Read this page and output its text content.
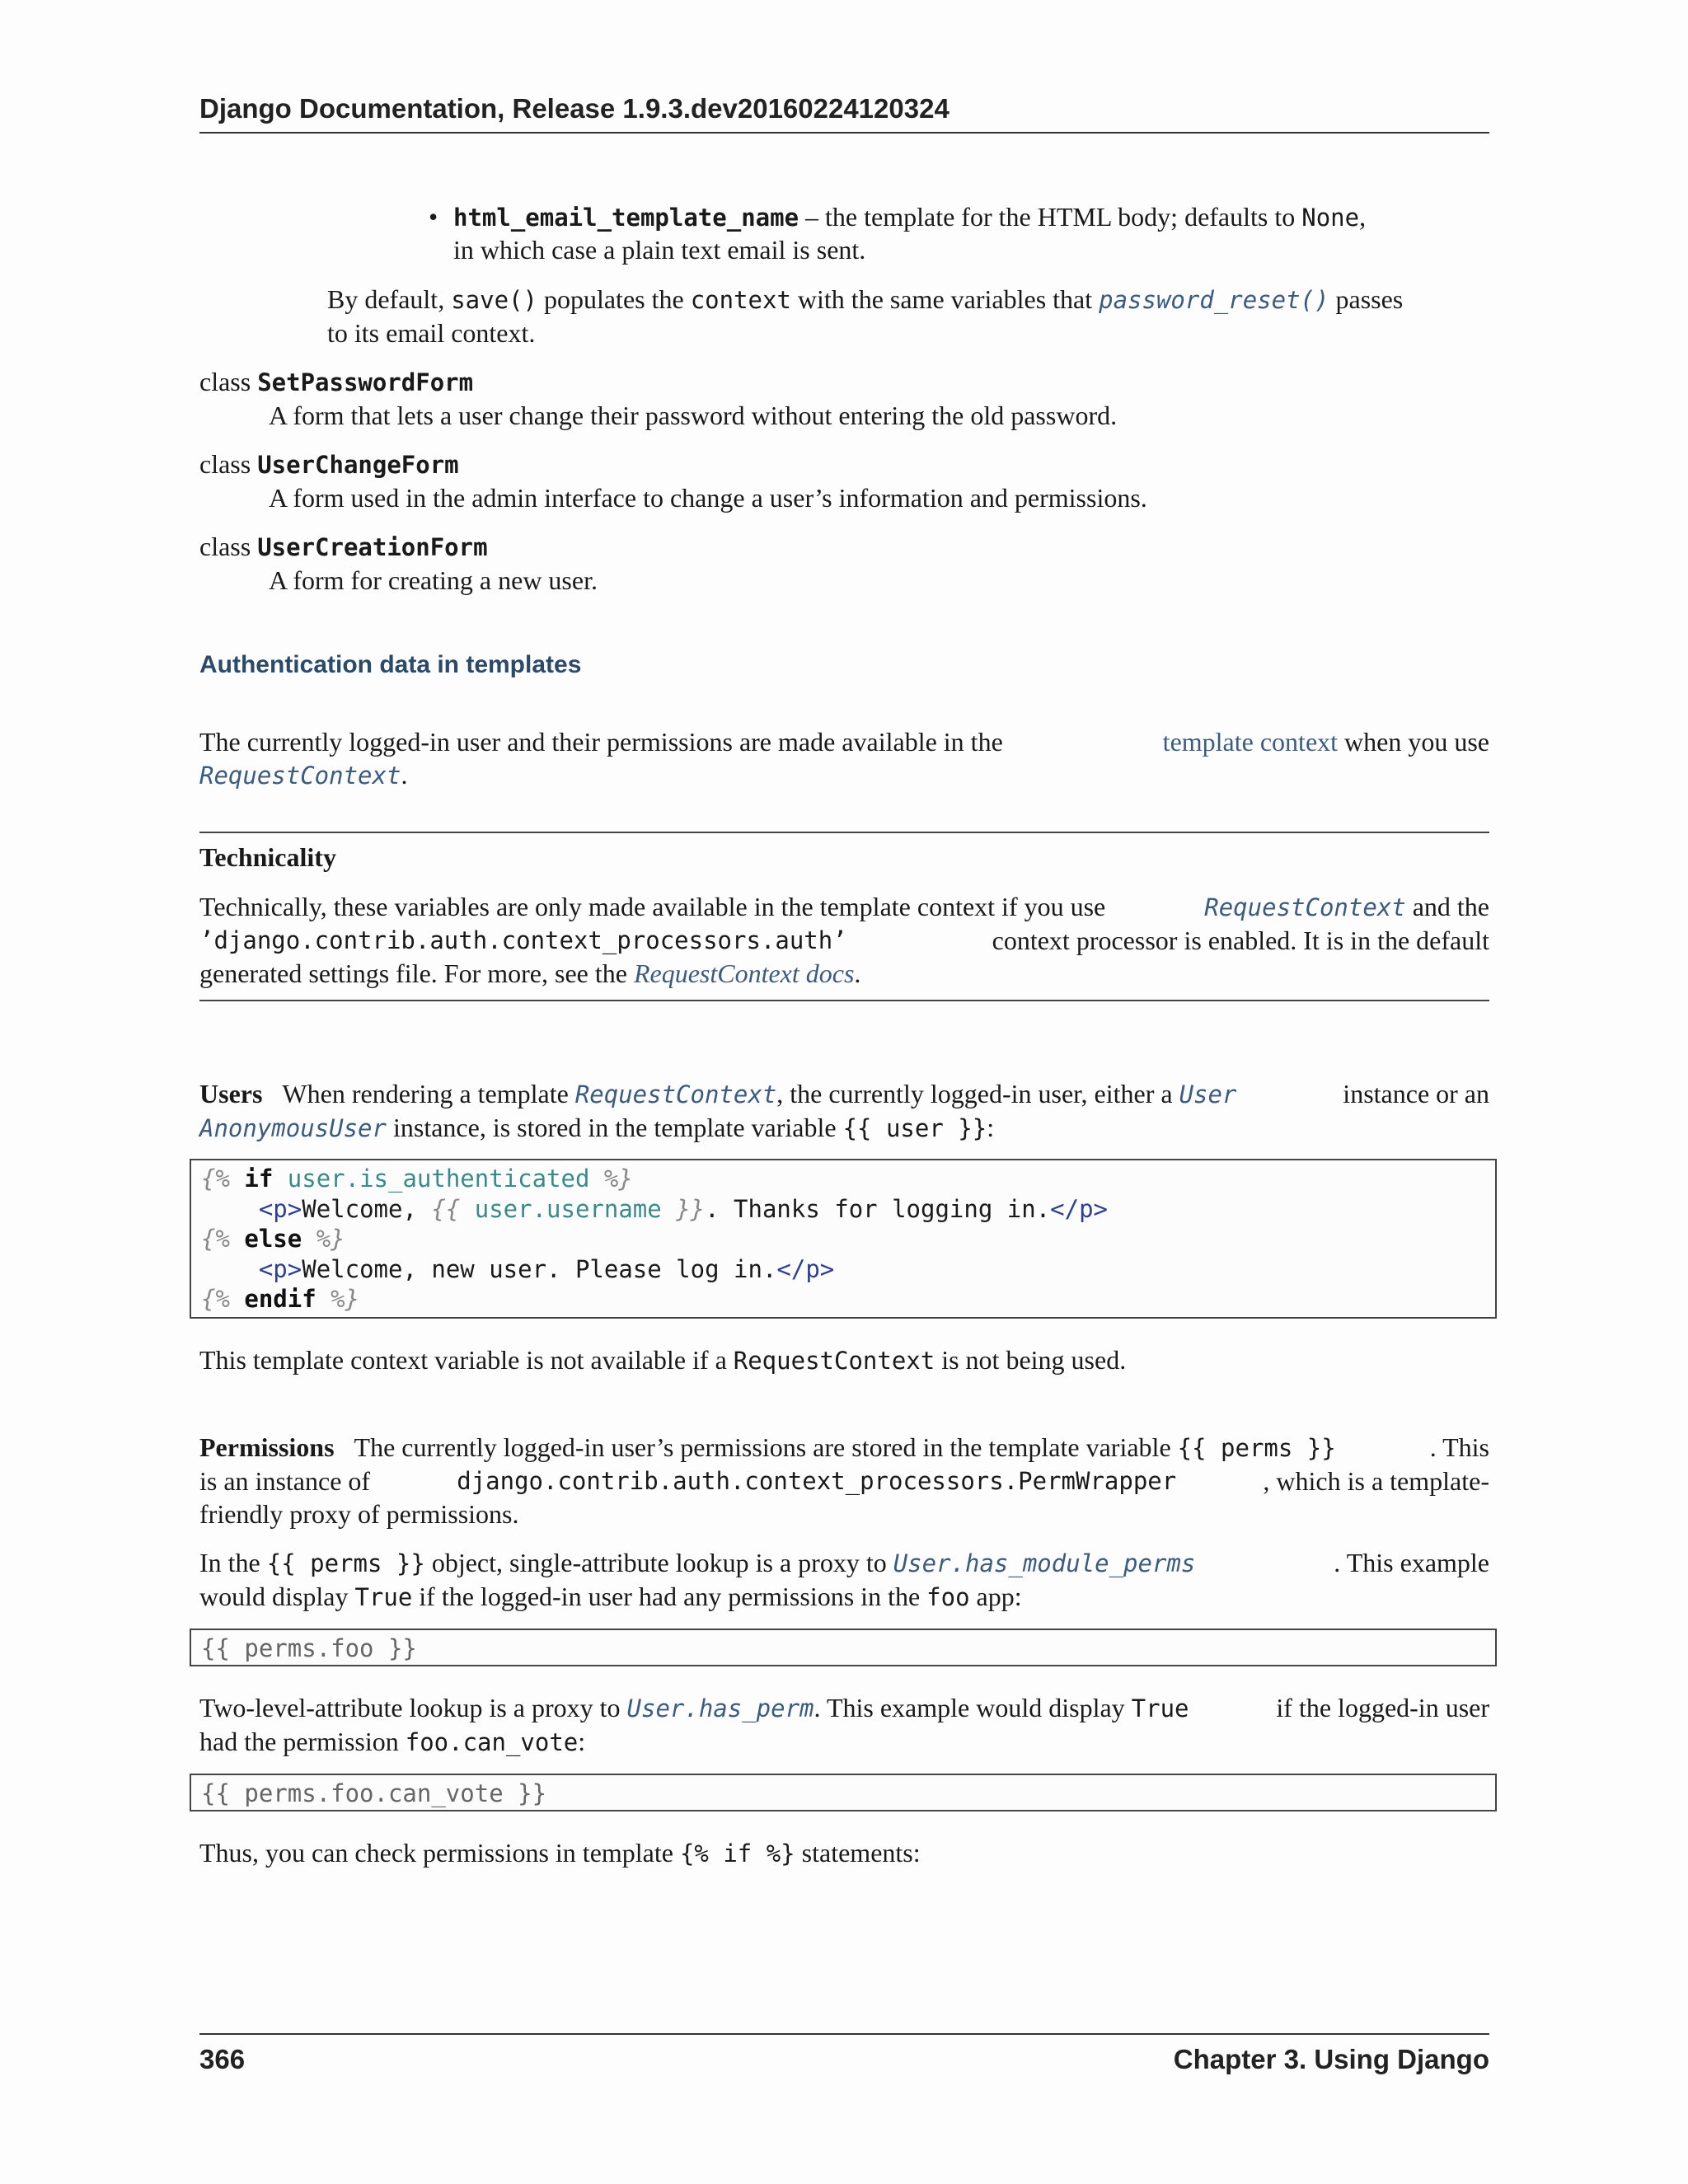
Django Documentation, Release 1.9.3.dev20160224120324
• html_email_template_name – the template for the HTML body; defaults to None,
in which case a plain text email is sent.
By default, save() populates the context with the same variables that password_reset() passes
to its email context.
class SetPasswordForm
A form that lets a user change their password without entering the old password.
class UserChangeForm
A form used in the admin interface to change a user’s information and permissions.
class UserCreationForm
A form for creating a new user.
Authentication data in templates
The currently logged-in user and their permissions are made available in the	template context when you use
RequestContext.
Technicality
Technically, these variables are only made available in the template context if you use	RequestContext and the
’django.contrib.auth.context_processors.auth’	context processor is enabled. It is in the default
generated settings file. For more, see the RequestContext docs.
Users When rendering a template RequestContext, the currently logged-in user, either a User	instance or an
AnonymousUser instance, is stored in the template variable {{ user }}:
{% if user.is_authenticated %}
<p>Welcome, {{ user.username }}. Thanks for logging in.</p>
{% else %}
<p>Welcome, new user. Please log in.</p>
{% endif %}
This template context variable is not available if a RequestContext is not being used.
Permissions The currently logged-in user’s permissions are stored in the template variable {{ perms }}	. This
is an instance of	django.contrib.auth.context_processors.PermWrapper	, which is a template-
friendly proxy of permissions.
In the {{ perms }} object, single-attribute lookup is a proxy to User.has_module_perms	. This example
would display True if the logged-in user had any permissions in the foo app:
{{ perms.foo }}
Two-level-attribute lookup is a proxy to User.has_perm. This example would display True	if the logged-in user
had the permission foo.can_vote:
{{ perms.foo.can_vote }}
Thus, you can check permissions in template {% if %} statements:
366	Chapter 3. Using Django
